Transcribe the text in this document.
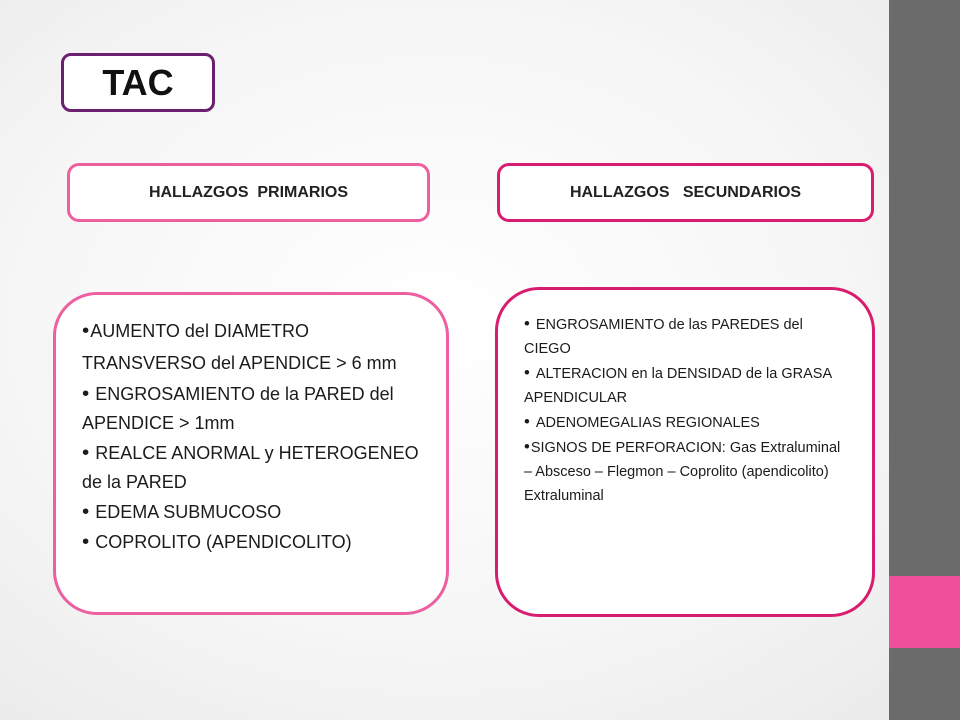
TAC
HALLAZGOS  PRIMARIOS	HALLAZGOS   SECUNDARIOS
•AUMENTO del DIAMETRO TRANSVERSO del APENDICE > 6 mm
• ENGROSAMIENTO de la PARED del APENDICE > 1mm
• REALCE ANORMAL y HETEROGENEO de la PARED
• EDEMA SUBMUCOSO
• COPROLITO (APENDICOLITO)
• ENGROSAMIENTO de las PAREDES del CIEGO
• ALTERACION en la DENSIDAD de la GRASA APENDICULAR
• ADENOMEGALIAS REGIONALES
•SIGNOS DE PERFORACION: Gas Extraluminal – Absceso – Flegmon – Coprolito (apendicolito) Extraluminal
